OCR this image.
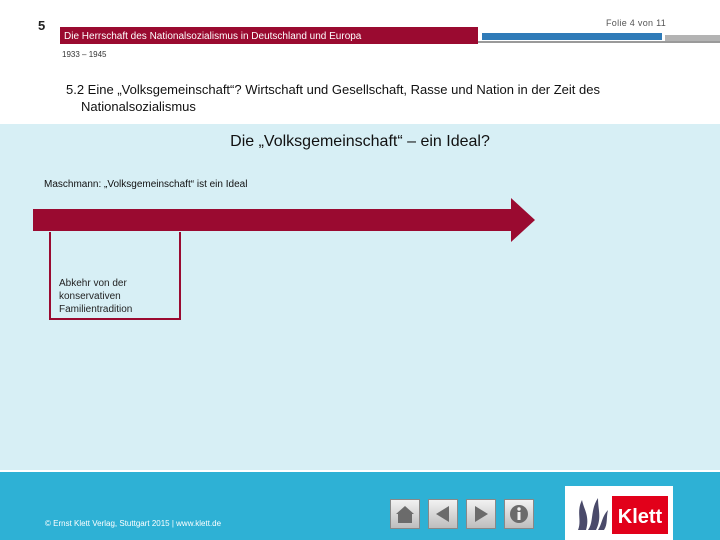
5	Folie 4 von 11
Die Herrschaft des Nationalsozialismus in Deutschland und Europa
1933 – 1945
5.2 Eine „Volksgemeinschaft“? Wirtschaft und Gesellschaft, Rasse und Nation in der Zeit des
Nationalsozialismus
Die „Volksgemeinschaft“ – ein Ideal?
Maschmann: „Volksgemeinschaft“ ist ein Ideal
Abkehr von der konservativen Familientradition
© Ernst Klett Verlag, Stuttgart 2015 | www.klett.de	Klett
